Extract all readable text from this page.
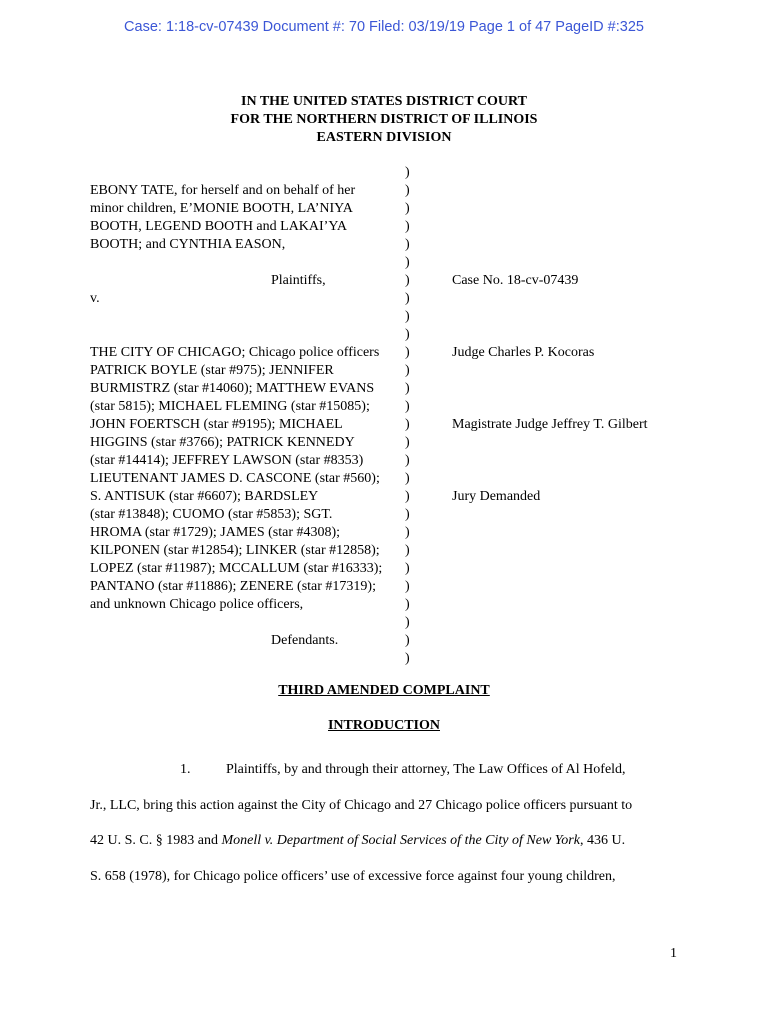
Case: 1:18-cv-07439 Document #: 70 Filed: 03/19/19 Page 1 of 47 PageID #:325
IN THE UNITED STATES DISTRICT COURT
FOR THE NORTHERN DISTRICT OF ILLINOIS
EASTERN DIVISION
)
EBONY TATE, for herself and on behalf of her	)
minor children, E’MONIE BOOTH, LA’NIYA	)
BOOTH, LEGEND BOOTH and LAKAI’YA	)
BOOTH; and CYNTHIA EASON,	)
)
Plaintiffs,	)	Case No. 18-cv-07439
v.	)
)
)
THE CITY OF CHICAGO; Chicago police officers )	Judge Charles P. Kocoras
PATRICK BOYLE (star #975); JENNIFER	)
BURMISTRZ (star #14060); MATTHEW EVANS )
(star 5815); MICHAEL FLEMING (star #15085);	)
JOHN FOERTSCH (star #9195); MICHAEL	)	Magistrate Judge Jeffrey T. Gilbert
HIGGINS (star #3766); PATRICK KENNEDY	)
(star #14414); JEFFREY LAWSON (star #8353)	)
LIEUTENANT JAMES D. CASCONE (star #560); )
S. ANTISUK (star #6607); BARDSLEY	)	Jury Demanded
(star #13848); CUOMO (star #5853); SGT.	)
HROMA (star #1729); JAMES (star #4308);	)
KILPONEN (star #12854); LINKER (star #12858); )
LOPEZ (star #11987); MCCALLUM (star #16333); )
PANTANO (star #11886); ZENERE (star #17319); )
and unknown Chicago police officers,	)
)
Defendants.	)
)
THIRD AMENDED COMPLAINT
INTRODUCTION
1.	Plaintiffs, by and through their attorney, The Law Offices of Al Hofeld,
Jr., LLC, bring this action against the City of Chicago and 27 Chicago police officers pursuant to
42 U. S. C. § 1983 and Monell v. Department of Social Services of the City of New York, 436 U.
S. 658 (1978), for Chicago police officers’ use of excessive force against four young children,
1
